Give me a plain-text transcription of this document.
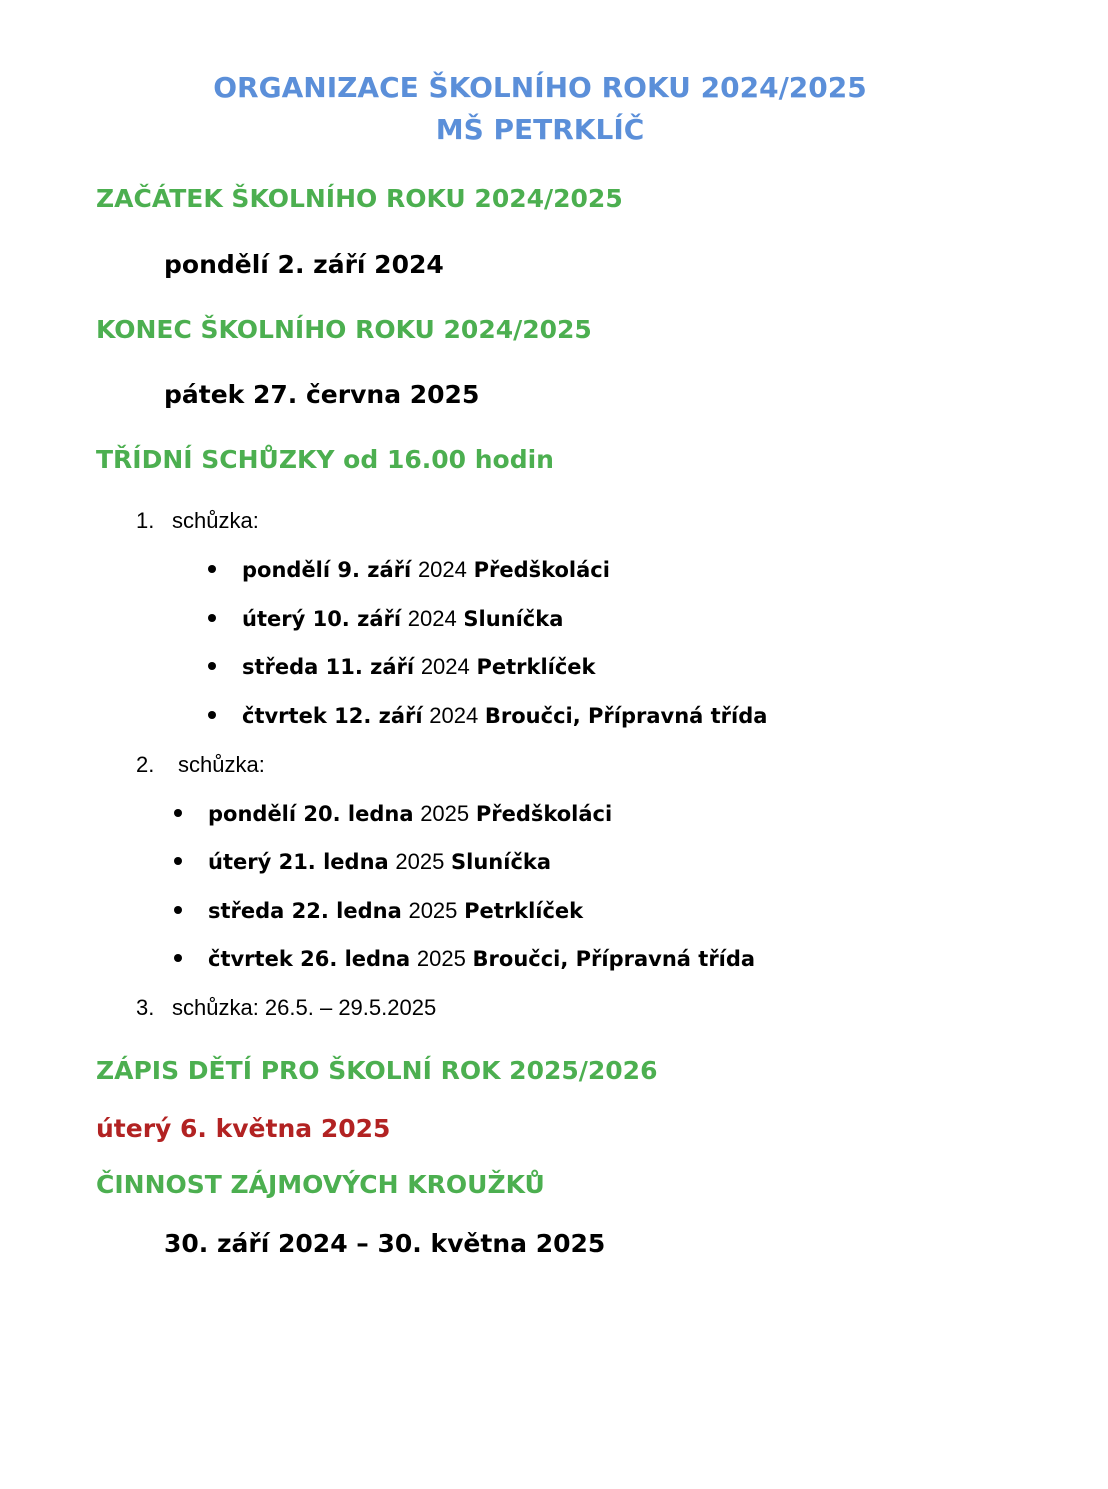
ORGANIZACE ŠKOLNÍHO ROKU 2024/2025
MŠ PETRKLÍČ
ZAČÁTEK ŠKOLNÍHO ROKU 2024/2025
pondělí 2. září 2024
KONEC ŠKOLNÍHO ROKU 2024/2025
pátek 27. června 2025
TŘÍDNÍ SCHŮZKY od 16.00 hodin
1. schůzka:
pondělí 9. září 2024 Předškoláci
úterý 10. září 2024 Sluníčka
středa 11. září 2024 Petrklíček
čtvrtek 12. září 2024 Broučci, Přípravná třída
2. schůzka:
pondělí 20. ledna 2025 Předškoláci
úterý 21. ledna 2025 Sluníčka
středa 22. ledna 2025 Petrklíček
čtvrtek 26. ledna 2025 Broučci, Přípravná třída
3. schůzka: 26.5. – 29.5.2025
ZÁPIS DĚTÍ PRO ŠKOLNÍ ROK 2025/2026
úterý 6. května 2025
ČINNOST ZÁJMOVÝCH KROUŽKŮ
30. září 2024 – 30. května 2025
